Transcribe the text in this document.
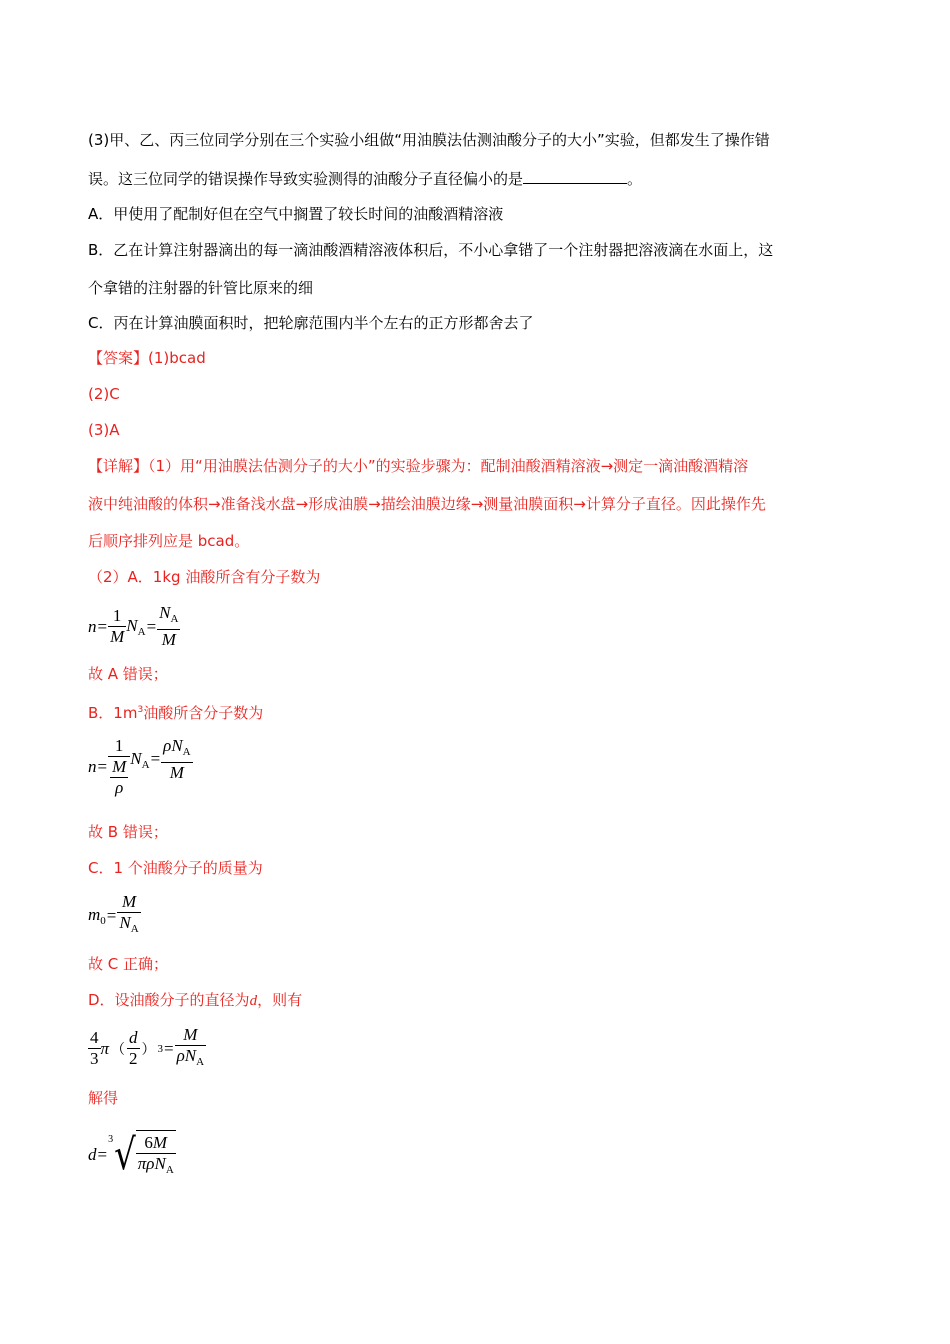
(3)甲、乙、丙三位同学分别在三个实验小组做“用油膜法估测油酸分子的大小”实验，但都发生了操作错
误。这三位同学的错误操作导致实验测得的油酸分子直径偏小的是	。
A．甲使用了配制好但在空气中搁置了较长时间的油酸酒精溶液
B．乙在计算注射器滴出的每一滴油酸酒精溶液体积后，不小心拿错了一个注射器把溶液滴在水面上，这
个拿错的注射器的针管比原来的细
C．丙在计算油膜面积时，把轮廓范围内半个左右的正方形都舍去了
【答案】(1)bcad
(2)C
(3)A
【详解】（1）用“用油膜法估测分子的大小”的实验步骤为：配制油酸酒精溶液→测定一滴油酸酒精溶
液中纯油酸的体积→准备浅水盘→形成油膜→描绘油膜边缘→测量油膜面积→计算分子直径。因此操作先
后顺序排列应是 bcad。
（2）A．1kg 油酸所含有分子数为
$n = \frac{1}{M} N_A = \frac{N_A}{M}$
故 A 错误；
B．$1m^3$油酸所含分子数为
$n = \frac{1}{\frac{M}{\rho}} N_A = \frac{\rho N_A}{M}$
故 B 错误；
C．1 个油酸分子的质量为
$m_0 = \frac{M}{N_A}$
故 C 正确；
D．设油酸分子的直径为d，则有
$\frac{4}{3}$ π （ $\frac{d}{2}$ ） $3 = \frac{M}{\rho N_A}$
解得
d =
3 √ $\frac{6M}{\pi\rho N_A}$
